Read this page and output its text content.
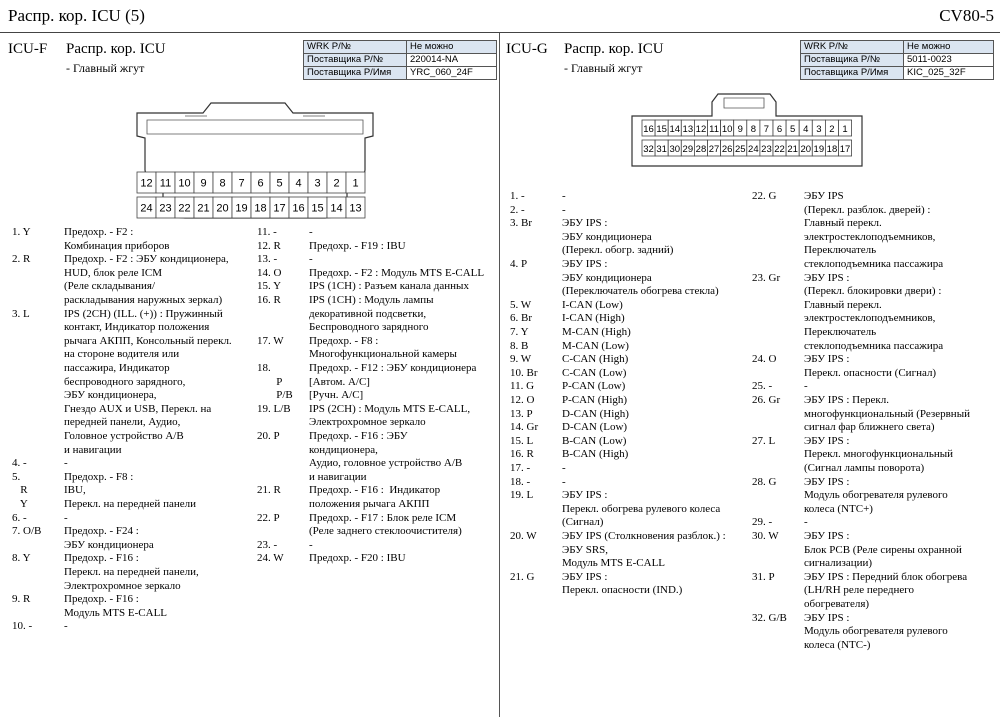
Распр. кор. ICU (5)	CV80-5
ICU-F Распр. кор. ICU
- Главный жгут
WRK P/№	Не можно
Поставщика P/№	220014-NA
Поставщика P/Имя	YRC_060_24F
12 11 10 9 8 7 6 5 4 3 2 1
24 23 22 21 20 19 18 17 16 15 14 13
1. Y	Предохр. - F2 :
Комбинация приборов
2. R	Предохр. - F2 : ЭБУ кондиционера,
HUD, блок реле ICM
(Реле складывания/
раскладывания наружных зеркал)
3. L	IPS (2CH) (ILL. (+)) : Пружинный
контакт, Индикатор положения
рычага АКПП, Консольный перекл.
на стороне водителя или
пассажира, Индикатор
беспроводного зарядного,
ЭБУ кондиционера,
Гнездо AUX и USB, Перекл. на
передней панели, Аудио,
Головное устройство A/B
и навигации
4. -	-
5.	Предохр. - F8 :
R	IBU,
Y	Перекл. на передней панели
6. -	-
7. O/B Предохр. - F24 :
ЭБУ кондиционера
8. Y	Предохр. - F16 :
Перекл. на передней панели,
Электрохромное зеркало
9. R	Предохр. - F16 :
Модуль MTS E-CALL
10. -	-
11. -	-
12. R	Предохр. - F19 : IBU
13. -	-
14. O	Предохр. - F2 : Модуль MTS E-CALL
15. Y	IPS (1CH) : Разъем канала данных
16. R	IPS (1CH) : Модуль лампы
декоративной подсветки,
Беспроводного зарядного
17. W Предохр. - F8 :
Многофункциональной камеры
18.	Предохр. - F12 : ЭБУ кондиционера
P [Автом. A/C]
P/B [Ручн. A/C]
19. L/B IPS (2CH) : Модуль MTS E-CALL,
Электрохромное зеркало
20. P	Предохр. - F16 : ЭБУ
кондиционера,
Аудио, головное устройство A/B
и навигации
21. R	Предохр. - F16 :  Индикатор
положения рычага АКПП
22. P	Предохр. - F17 : Блок реле ICM
(Реле заднего стеклоочистителя)
23. -	-
24. W Предохр. - F20 : IBU
ICU-G Распр. кор. ICU
- Главный жгут
WRK P/№	Не можно
Поставщика P/№	5011-0023
Поставщика P/Имя	KIC_025_32F
16 15 14 13 12 11 10 9 8 7 6 5 4 3 2 1
32 31 30 29 28 27 26 25 24 23 22 21 20 19 18 17
1. -	-
2. -	-
3. Br	ЭБУ IPS :
ЭБУ кондиционера
(Перекл. обогр. задний)
4. P	ЭБУ IPS :
ЭБУ кондиционера
(Переключатель обогрева стекла)
5. W	I-CAN (Low)
6. Br	I-CAN (High)
7. Y	M-CAN (High)
8. B	M-CAN (Low)
9. W	C-CAN (High)
10. Br C-CAN (Low)
11. G	P-CAN (Low)
12. O	P-CAN (High)
13. P	D-CAN (High)
14. Gr D-CAN (Low)
15. L	B-CAN (Low)
16. R	B-CAN (High)
17. -	-
18. -	-
19. L	ЭБУ IPS :
Перекл. обогрева рулевого колеса
(Сигнал)
20. W ЭБУ IPS (Столкновения разблок.) :
ЭБУ SRS,
Модуль MTS E-CALL
21. G	ЭБУ IPS :
Перекл. опасности (IND.)
22. G	ЭБУ IPS
(Перекл. разблок. дверей) :
Главный перекл.
электростеклоподъемников,
Переключатель
стеклоподъемника пассажира
23. Gr ЭБУ IPS :
(Перекл. блокировки двери) :
Главный перекл.
электростеклоподъемников,
Переключатель
стеклоподъемника пассажира
24. O	ЭБУ IPS :
Перекл. опасности (Сигнал)
25. -	-
26. Gr ЭБУ IPS : Перекл.
многофункциональный (Резервный
сигнал фар ближнего света)
27. L	ЭБУ IPS :
Перекл. многофункциональный
(Сигнал лампы поворота)
28. G	ЭБУ IPS :
Модуль обогревателя рулевого
колеса (NTC+)
29. -	-
30. W ЭБУ IPS :
Блок PCB (Реле сирены охранной
сигнализации)
31. P	ЭБУ IPS : Передний блок обогрева
(LH/RH реле переднего
обогревателя)
32. G/B ЭБУ IPS :
Модуль обогревателя рулевого
колеса (NTC-)
